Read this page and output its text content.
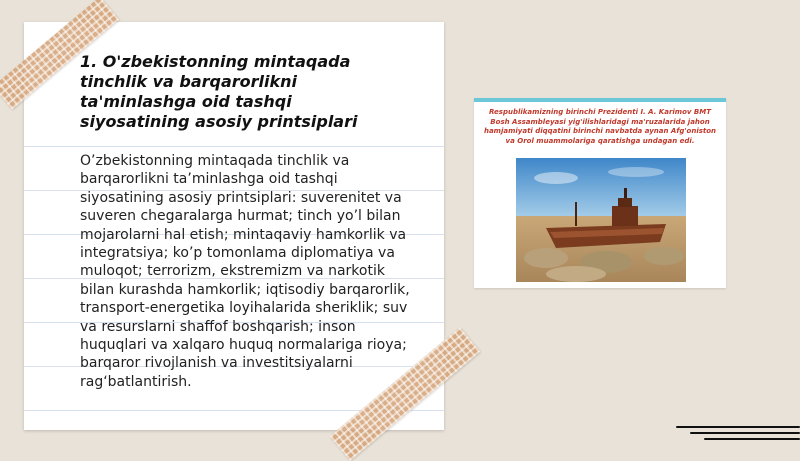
1. O'zbekistonning mintaqada tinchlik va barqarorlikni ta'minlashga oid tashqi siyosatining asosiy printsiplari

O’zbekistonning mintaqada tinchlik va barqarorlikni ta’minlashga oid tashqi siyosatining asosiy printsiplari: suverenitet va suveren chegaralarga hurmat; tinch yo’l bilan mojarolarni hal etish; mintaqaviy hamkorlik va integratsiya; ko’p tomonlama diplomatiya va muloqot; terrorizm, ekstremizm va narkotik bilan kurashda hamkorlik; iqtisodiy barqarorlik, transport-energetika loyihalarida sheriklik; suv va resurslarni shaffof boshqarish; inson huquqlari va xalqaro huquq normalariga rioya; barqaror rivojlanish va investitsiyalarni rag‘batlantirish.

Respublikamizning birinchi Prezidenti I. A. Karimov BMT Bosh Assambleyasi yig'ilishlaridagi ma'ruzalarida jahon hamjamiyati diqqatini birinchi navbatda aynan Afg'oniston va Orol muammolariga qaratishga undagan edi.
